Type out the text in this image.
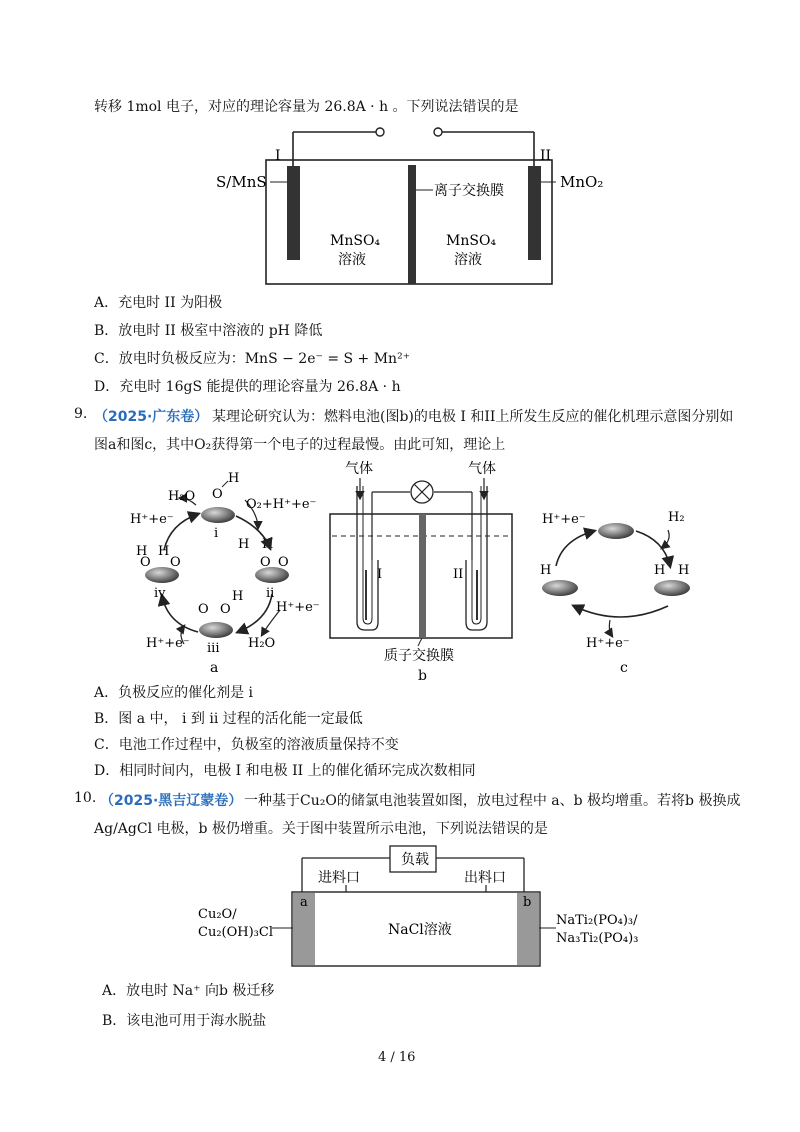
转移 1mol 电子，对应的理论容量为 26.8A · h 。下列说法错误的是
I	II
S/MnS	MnO₂
离子交换膜
MnSO₄
溶液
MnSO₄
溶液
A．充电时 II 为阳极
B．放电时 II 极室中溶液的 pH 降低
C．放电时负极反应为：MnS − 2e⁻ = S + Mn²⁺
D．充电时 16gS 能提供的理论容量为 26.8A · h
9. （2025·广东卷） 某理论研究认为：燃料电池(图b)的电极 I 和II上所发生反应的催化机理示意图分别如
图a和图c，其中O₂获得第一个电子的过程最慢。由此可知，理论上
O
H
H H
O O
O O
H
H H
O O
H₂O
O₂+H⁺+e⁻
H⁺+e⁻
H⁺+e⁻
H⁺+e⁻	H₂O
i
ii
iii
iv
a
气体	气体
I	II
质子交换膜
b
H	H H
H⁺+e⁻	H₂
H⁺+e⁻
c
A．负极反应的催化剂是 i
B．图 a 中， i 到 ii 过程的活化能一定最低
C．电池工作过程中，负极室的溶液质量保持不变
D．相同时间内，电极 I 和电极 II 上的催化循环完成次数相同
10. （2025·黑吉辽蒙卷） 一种基于Cu₂O的储氯电池装置如图，放电过程中 a、b 极均增重。若将b 极换成
Ag/AgCl 电极，b 极仍增重。关于图中装置所示电池，下列说法错误的是
负载
进料口	出料口
a	b
NaCl溶液
Cu₂O/
Cu₂(OH)₃Cl
NaTi₂(PO₄)₃/
Na₃Ti₂(PO₄)₃
A．放电时 Na⁺ 向b 极迁移
B．该电池可用于海水脱盐
4 / 16
